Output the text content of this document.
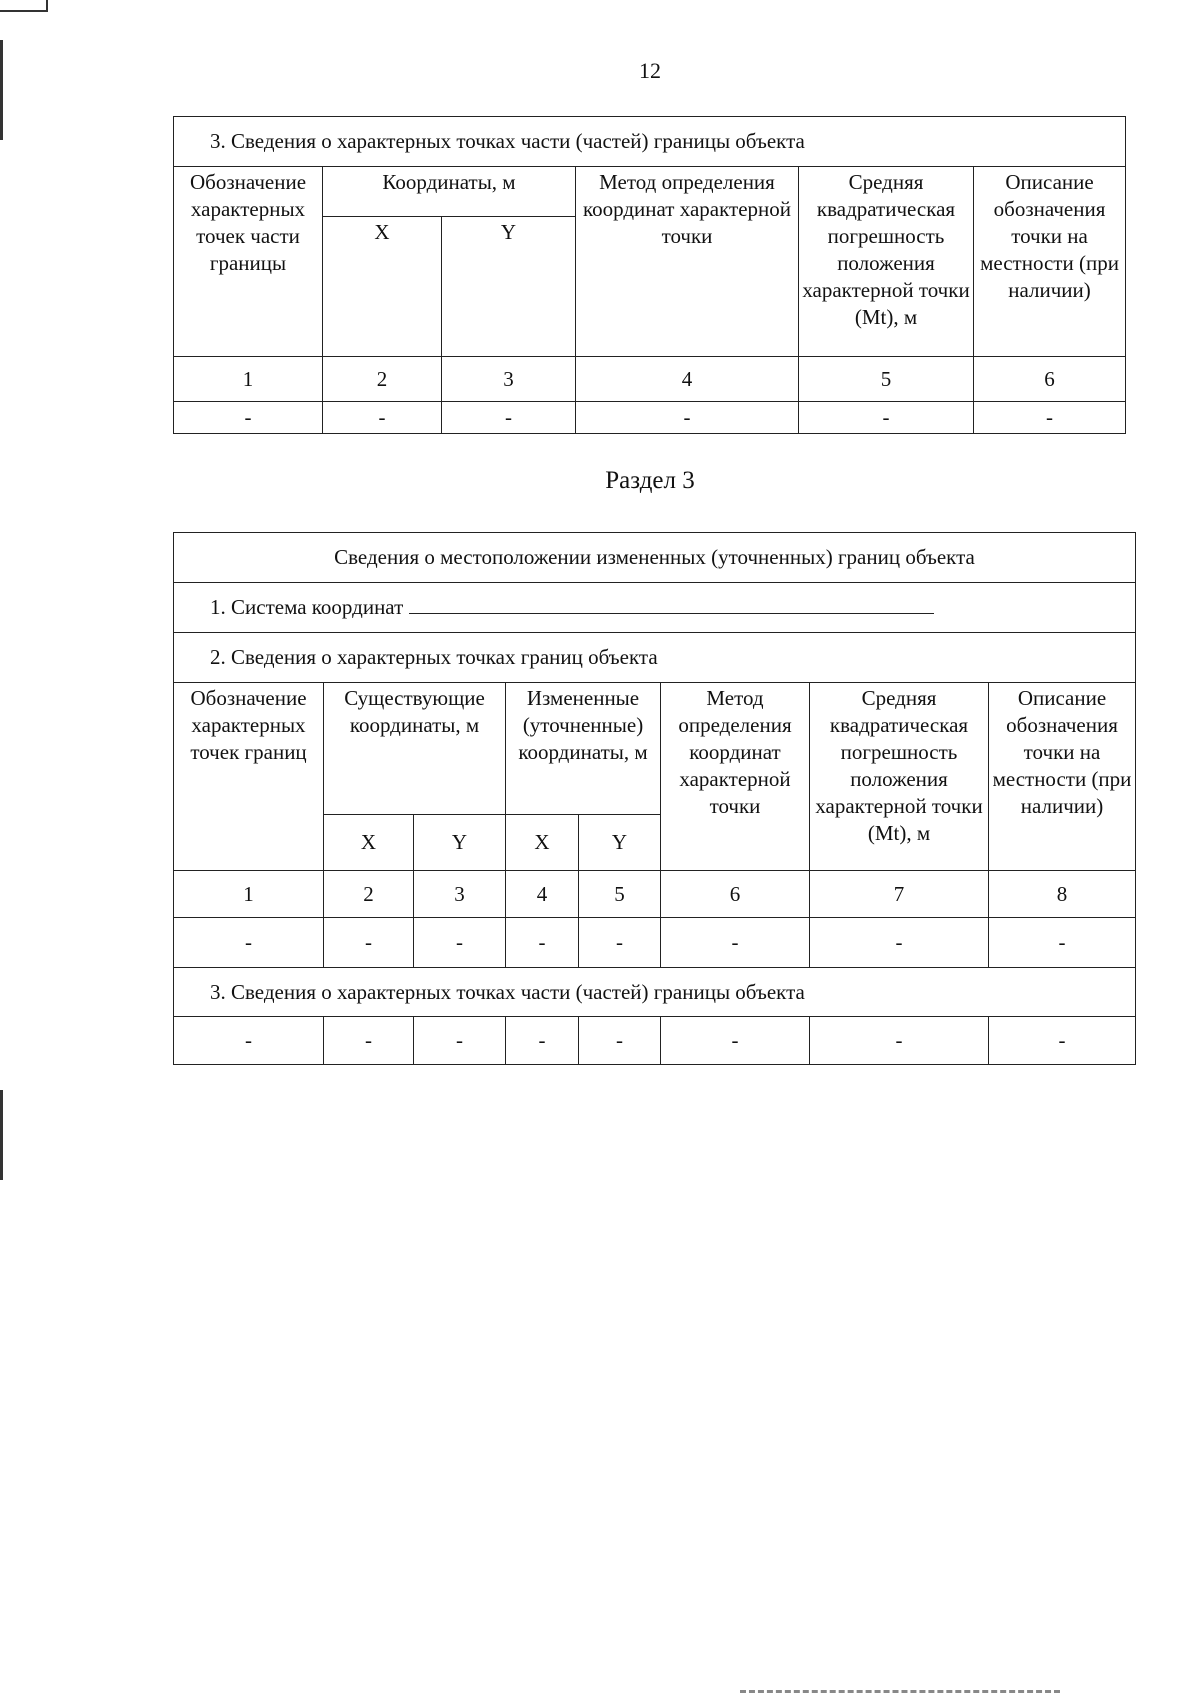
12
3. Сведения о характерных точках части (частей) границы объекта					
Обозначение характерных точек части границы	Координаты, м		Метод определения координат характерной точки	Средняя квадратическая погрешность положения характерной точки (Mt), м	Описание обозначения точки на местности (при наличии)
	X	Y			
1	2	3	4	5	6
-	-	-	-	-	-
Раздел 3
Сведения о местоположении измененных (уточненных) границ объекта							
1. Система координат							
2. Сведения о характерных точках границ объекта							
Обозначение характерных точек границ	Существующие координаты, м		Измененные (уточненные) координаты, м		Метод определения координат характерной точки	Средняя квадратическая погрешность положения характерной точки (Mt), м	Описание обозначения точки на местности (при наличии)
	X	Y	X	Y			
1	2	3	4	5	6	7	8
-	-	-	-	-	-	-	-
3. Сведения о характерных точках части (частей) границы объекта							
-	-	-	-	-	-	-	-
